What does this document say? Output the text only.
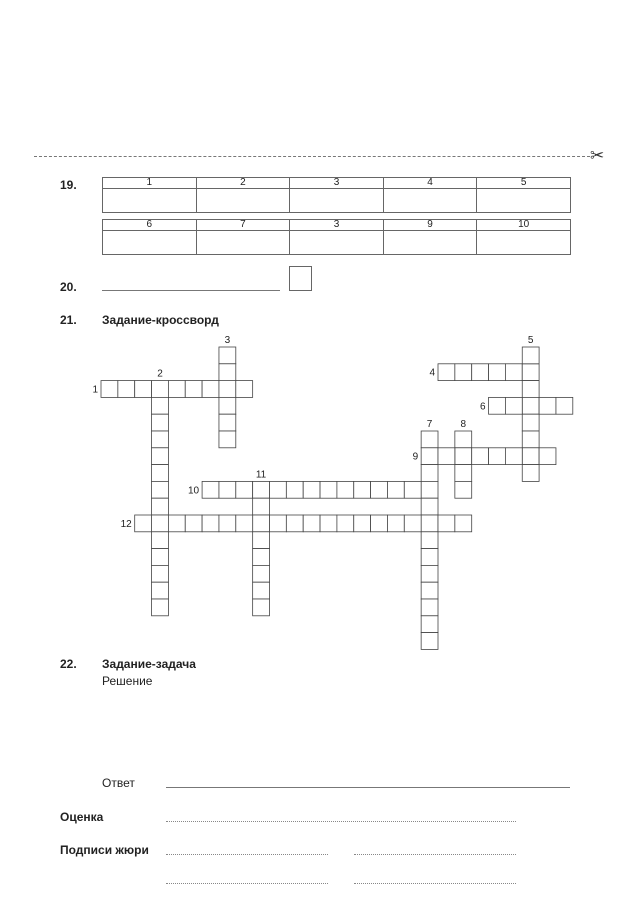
✂
19.	1	2	3	4	5

6	7	3	9	10

20.
21. Задание-кроссворд
1
2
3
4
5
6
7	8
9
10
11
12
22. Задание-задача
Решение
Ответ
Оценка
Подписи жюри
